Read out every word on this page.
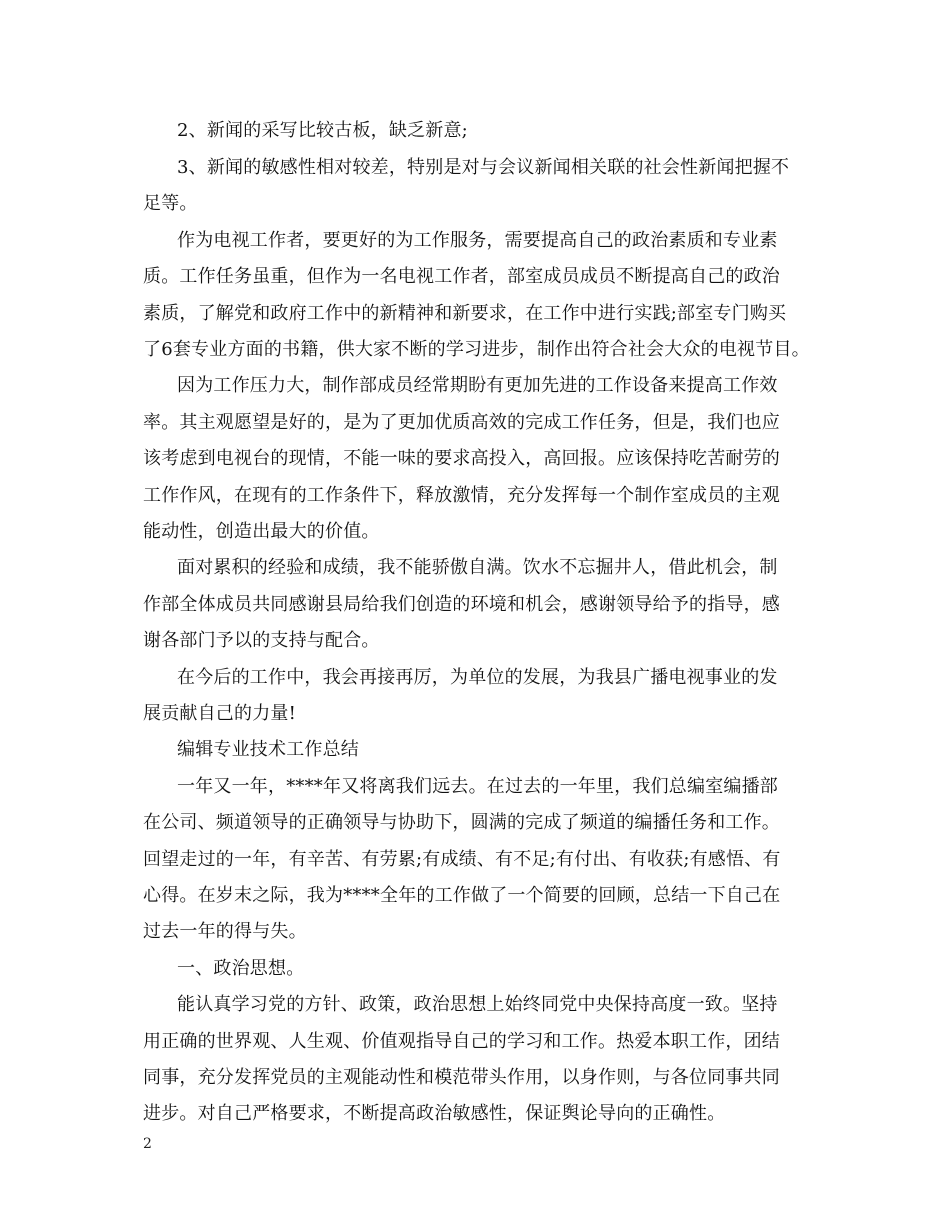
2、新闻的采写比较古板，缺乏新意;

3、新闻的敏感性相对较差，特别是对与会议新闻相关联的社会性新闻把握不

足等。

作为电视工作者，要更好的为工作服务，需要提高自己的政治素质和专业素

质。工作任务虽重，但作为一名电视工作者，部室成员成员不断提高自己的政治

素质，了解党和政府工作中的新精神和新要求，在工作中进行实践;部室专门购买

了6套专业方面的书籍，供大家不断的学习进步，制作出符合社会大众的电视节目。

因为工作压力大，制作部成员经常期盼有更加先进的工作设备来提高工作效

率。其主观愿望是好的，是为了更加优质高效的完成工作任务，但是，我们也应

该考虑到电视台的现情，不能一味的要求高投入，高回报。应该保持吃苦耐劳的

工作作风，在现有的工作条件下，释放激情，充分发挥每一个制作室成员的主观

能动性，创造出最大的价值。

面对累积的经验和成绩，我不能骄傲自满。饮水不忘掘井人，借此机会，制

作部全体成员共同感谢县局给我们创造的环境和机会，感谢领导给予的指导，感

谢各部门予以的支持与配合。

在今后的工作中，我会再接再厉，为单位的发展，为我县广播电视事业的发

展贡献自己的力量!

编辑专业技术工作总结

一年又一年，****年又将离我们远去。在过去的一年里，我们总编室编播部

在公司、频道领导的正确领导与协助下，圆满的完成了频道的编播任务和工作。

回望走过的一年，有辛苦、有劳累;有成绩、有不足;有付出、有收获;有感悟、有

心得。在岁末之际，我为****全年的工作做了一个简要的回顾，总结一下自己在

过去一年的得与失。

一、政治思想。

能认真学习党的方针、政策，政治思想上始终同党中央保持高度一致。坚持

用正确的世界观、人生观、价值观指导自己的学习和工作。热爱本职工作，团结

同事，充分发挥党员的主观能动性和模范带头作用，以身作则，与各位同事共同

进步。对自己严格要求，不断提高政治敏感性，保证舆论导向的正确性。

2
